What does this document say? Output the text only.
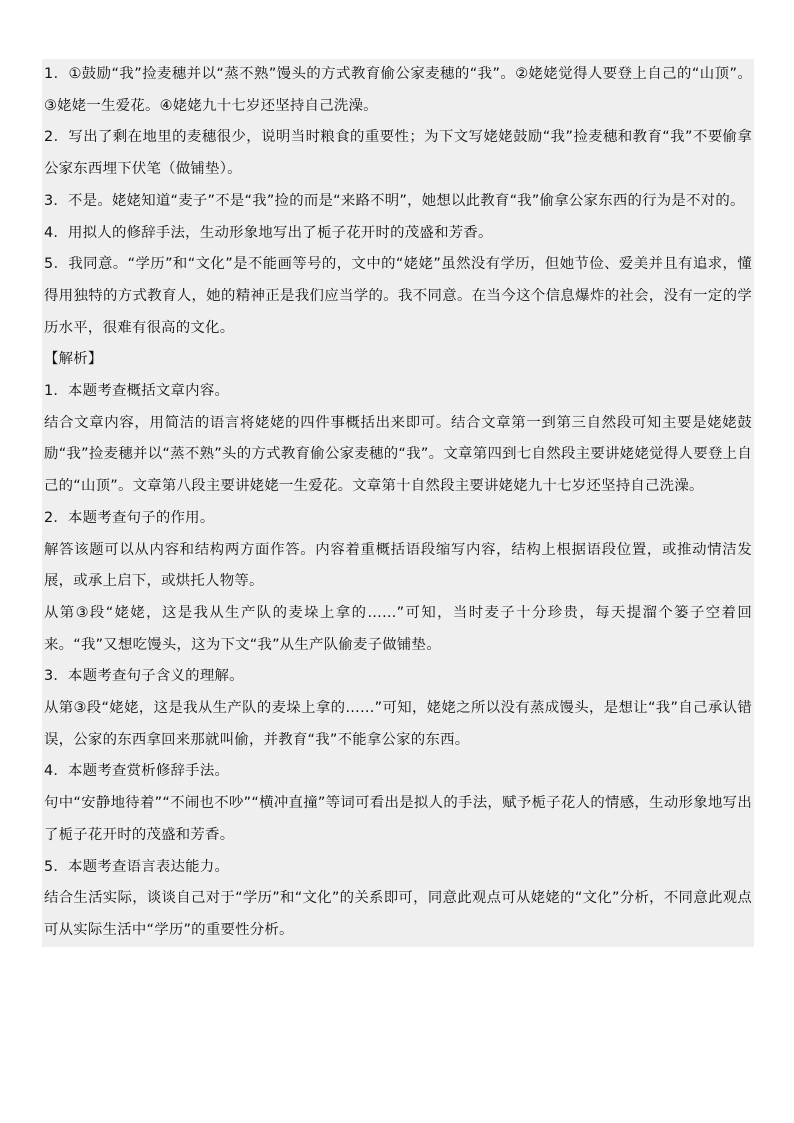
1．①鼓励“我”捡麦穗并以“蒸不熟”馒头的方式教育偷公家麦穗的“我”。②姥姥觉得人要登上自己的“山顶”。③姥姥一生爱花。④姥姥九十七岁还坚持自己洗澡。

2．写出了剩在地里的麦穗很少，说明当时粮食的重要性；为下文写姥姥鼓励“我”捡麦穗和教育“我”不要偷拿公家东西埋下伏笔（做铺垫）。

3．不是。姥姥知道“麦子”不是“我”捡的而是“来路不明”，她想以此教育“我”偷拿公家东西的行为是不对的。

4．用拟人的修辞手法，生动形象地写出了栀子花开时的茂盛和芳香。

5．我同意。“学历”和“文化”是不能画等号的，文中的“姥姥”虽然没有学历，但她节俭、爱美并且有追求，懂得用独特的方式教育人，她的精神正是我们应当学的。我不同意。在当今这个信息爆炸的社会，没有一定的学历水平，很难有很高的文化。

【解析】

1．本题考查概括文章内容。

结合文章内容，用简洁的语言将姥姥的四件事概括出来即可。结合文章第一到第三自然段可知主要是姥姥鼓励“我”捡麦穗并以“蒸不熟”头的方式教育偷公家麦穗的“我”。文章第四到七自然段主要讲姥姥觉得人要登上自己的“山顶”。文章第八段主要讲姥姥一生爱花。文章第十自然段主要讲姥姥九十七岁还坚持自己洗澡。

2．本题考查句子的作用。

解答该题可以从内容和结构两方面作答。内容着重概括语段缩写内容，结构上根据语段位置，或推动情洁发展，或承上启下，或烘托人物等。

从第③段“姥姥，这是我从生产队的麦垛上拿的……”可知，当时麦子十分珍贵，每天提溜个篓子空着回来。“我”又想吃馒头，这为下文“我”从生产队偷麦子做铺垫。

3．本题考查句子含义的理解。

从第③段“姥姥，这是我从生产队的麦垛上拿的……”可知，姥姥之所以没有蒸成馒头，是想让“我”自己承认错误，公家的东西拿回来那就叫偷，并教育“我”不能拿公家的东西。

4．本题考查赏析修辞手法。

句中“安静地待着”“不闹也不吵”“横冲直撞”等词可看出是拟人的手法，赋予栀子花人的情感，生动形象地写出了栀子花开时的茂盛和芳香。

5．本题考查语言表达能力。

结合生活实际，谈谈自己对于“学历”和“文化”的关系即可，同意此观点可从姥姥的“文化”分析，不同意此观点可从实际生活中“学历”的重要性分析。
